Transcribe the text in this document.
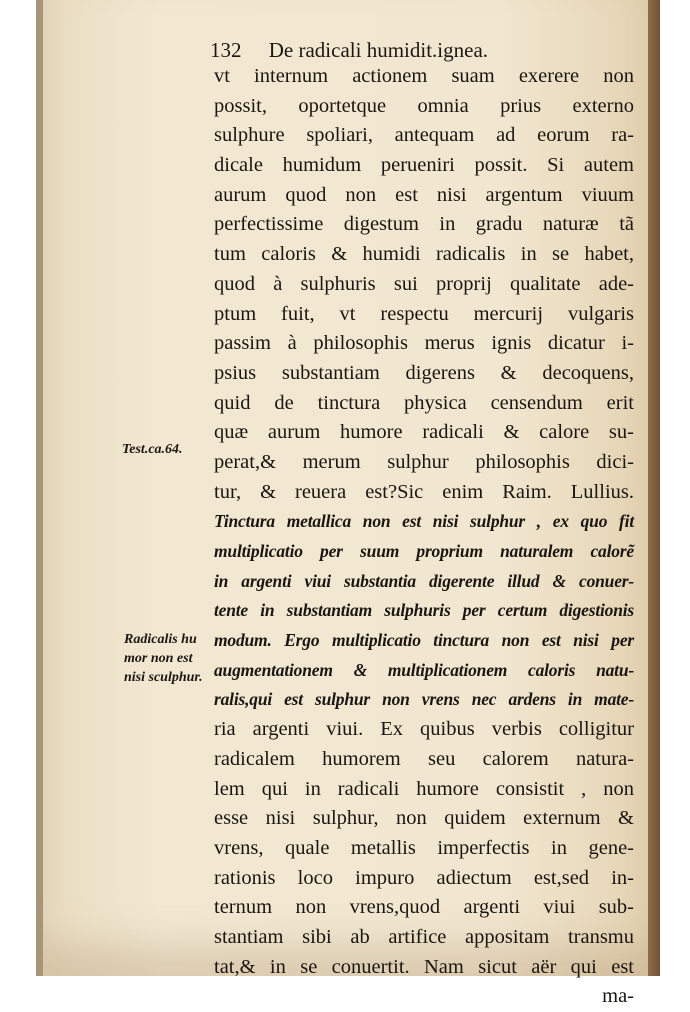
132 De radicali humidit.ignea.
Test.ca.64.
Radicalis hu
mor non est
nisi sculphur.
vt internum actionem suam exerere non
possit, oportetque omnia prius externo
sulphure spoliari, antequam ad eorum ra-
dicale humidum perueniri possit. Si autem
aurum quod non est nisi argentum viuum
perfectissime digestum in gradu naturæ tã
tum caloris & humidi radicalis in se habet,
quod à sulphuris sui proprij qualitate ade-
ptum fuit, vt respectu mercurij vulgaris
passim à philosophis merus ignis dicatur i-
psius substantiam digerens & decoquens,
quid de tinctura physica censendum erit
quæ aurum humore radicali & calore su-
perat,& merum sulphur philosophis dici-
tur, & reuera est?Sic enim Raim. Lullius.
Tinctura metallica non est nisi sulphur , ex quo fit
multiplicatio per suum proprium naturalem calorẽ
in argenti viui substantia digerente illud & conuer-
tente in substantiam sulphuris per certum digestionis
modum. Ergo multiplicatio tinctura non est nisi per
augmentationem & multiplicationem caloris natu-
ralis,qui est sulphur non vrens nec ardens in mate-
ria argenti viui. Ex quibus verbis colligitur
radicalem humorem seu calorem natura-
lem qui in radicali humore consistit , non
esse nisi sulphur, non quidem externum &
vrens, quale metallis imperfectis in gene-
rationis loco impuro adiectum est,sed in-
ternum non vrens,quod argenti viui sub-
stantiam sibi ab artifice appositam transmu
tat,& in se conuertit. Nam sicut aër qui est
ma-
